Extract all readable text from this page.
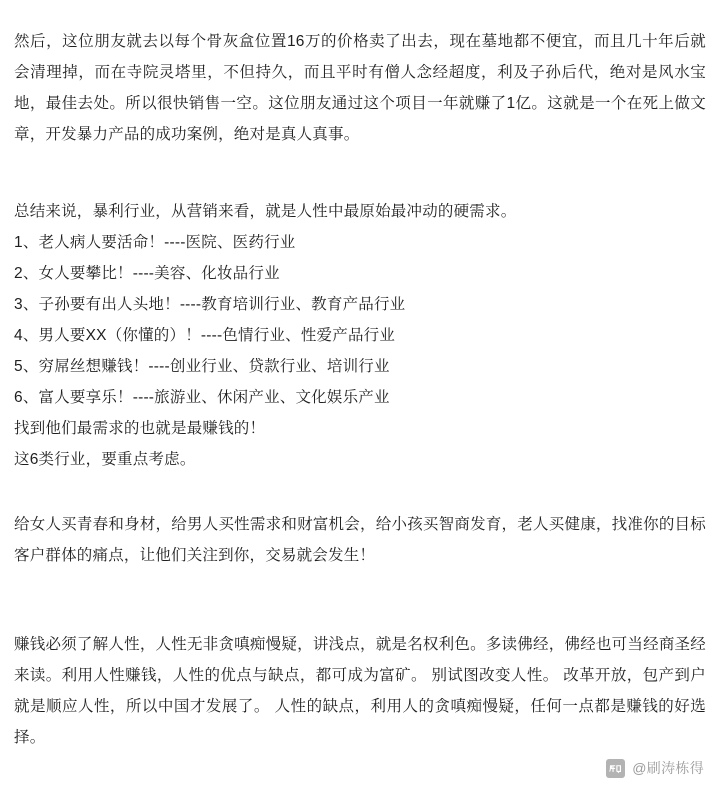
然后，这位朋友就去以每个骨灰盒位置16万的价格卖了出去，现在墓地都不便宜，而且几十年后就会清理掉，而在寺院灵塔里，不但持久，而且平时有僧人念经超度，利及子孙后代，绝对是风水宝地，最佳去处。所以很快销售一空。这位朋友通过这个项目一年就赚了1亿。这就是一个在死上做文章，开发暴力产品的成功案例，绝对是真人真事。

总结来说，暴利行业，从营销来看，就是人性中最原始最冲动的硬需求。

1、老人病人要活命！----医院、医药行业
2、女人要攀比！----美容、化妆品行业
3、子孙要有出人头地！----教育培训行业、教育产品行业
4、男人要XX（你懂的）！----色情行业、性爱产品行业
5、穷屌丝想赚钱！----创业行业、贷款行业、培训行业
6、富人要享乐！----旅游业、休闲产业、文化娱乐产业

找到他们最需求的也就是最赚钱的！

这6类行业，要重点考虑。

给女人买青春和身材，给男人买性需求和财富机会，给小孩买智商发育，老人买健康，找准你的目标客户群体的痛点，让他们关注到你，交易就会发生！

赚钱必须了解人性，人性无非贪嗔痴慢疑，讲浅点，就是名权利色。多读佛经，佛经也可当经商圣经来读。利用人性赚钱，人性的优点与缺点，都可成为富矿。 别试图改变人性。 改革开放，包产到户就是顺应人性，所以中国才发展了。 人性的缺点，利用人的贪嗔痴慢疑，任何一点都是赚钱的好选择。

@刷涛栋得
